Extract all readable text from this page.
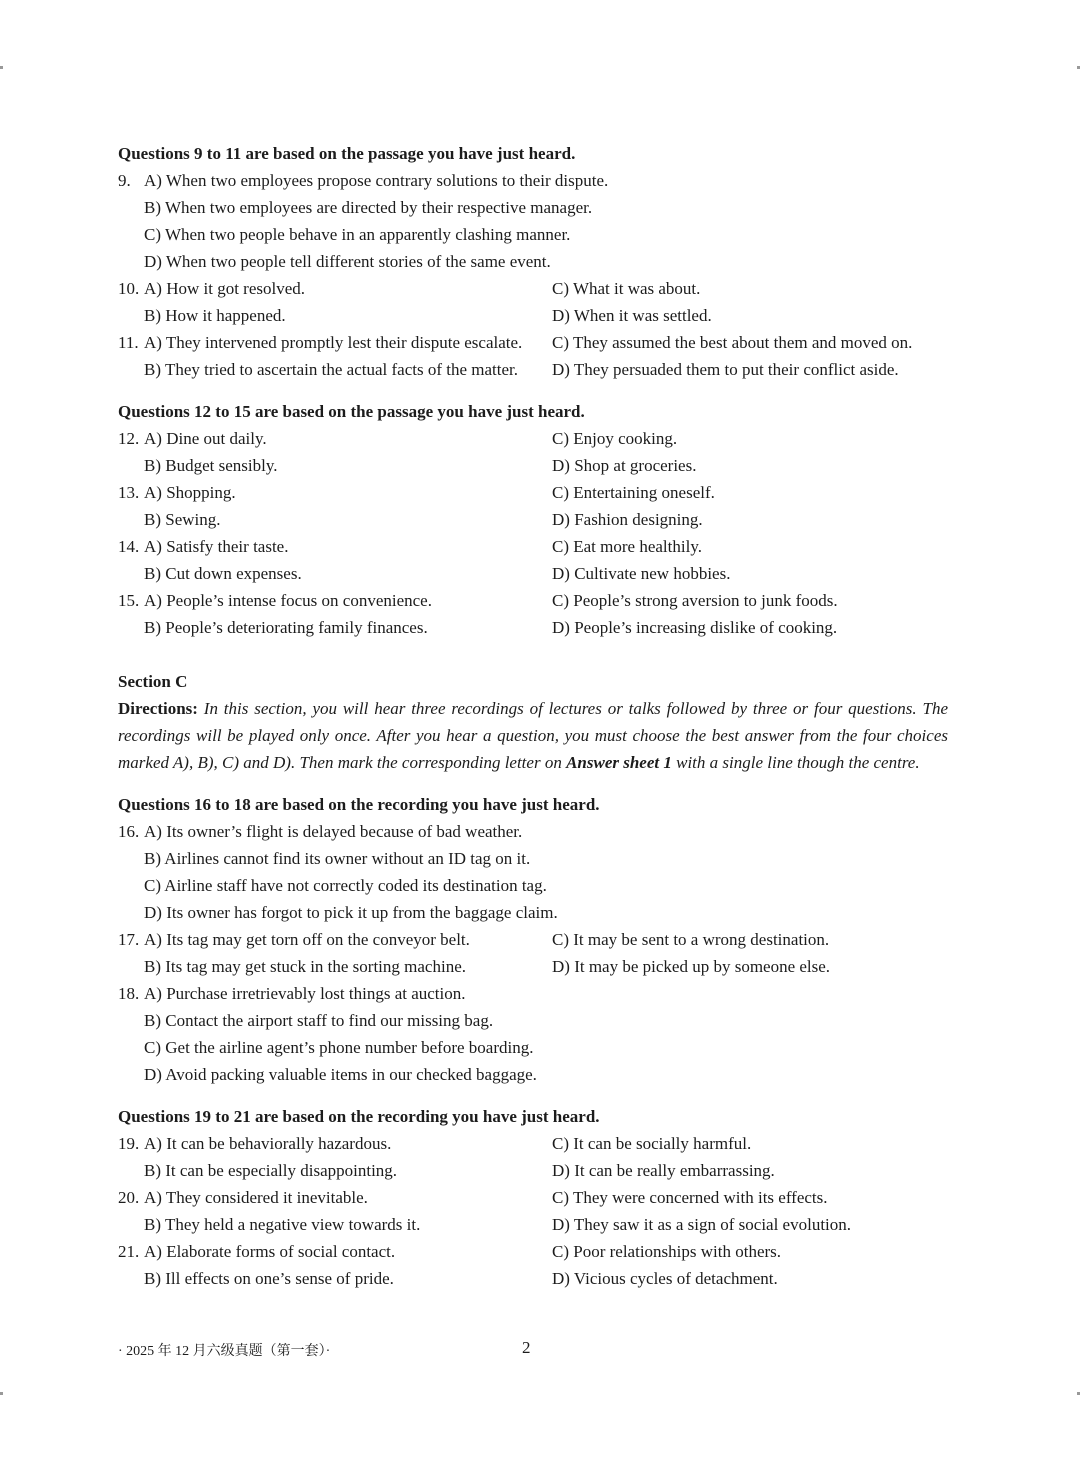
Questions 9 to 11 are based on the passage you have just heard.
9. A) When two employees propose contrary solutions to their dispute.
B) When two employees are directed by their respective manager.
C) When two people behave in an apparently clashing manner.
D) When two people tell different stories of the same event.
10. A) How it got resolved.	C) What it was about.
B) How it happened.	D) When it was settled.
11. A) They intervened promptly lest their dispute escalate. C) They assumed the best about them and moved on.
B) They tried to ascertain the actual facts of the matter. D) They persuaded them to put their conflict aside.
Questions 12 to 15 are based on the passage you have just heard.
12. A) Dine out daily.	C) Enjoy cooking.
B) Budget sensibly.	D) Shop at groceries.
13. A) Shopping.	C) Entertaining oneself.
B) Sewing.	D) Fashion designing.
14. A) Satisfy their taste.	C) Eat more healthily.
B) Cut down expenses.	D) Cultivate new hobbies.
15. A) People’s intense focus on convenience.	C) People’s strong aversion to junk foods.
B) People’s deteriorating family finances.	D) People’s increasing dislike of cooking.
Section C
Directions: In this section, you will hear three recordings of lectures or talks followed by three or four questions. The recordings will be played only once. After you hear a question, you must choose the best answer from the four choices marked A), B), C) and D). Then mark the corresponding letter on Answer sheet 1 with a single line though the centre.
Questions 16 to 18 are based on the recording you have just heard.
16. A) Its owner’s flight is delayed because of bad weather.
B) Airlines cannot find its owner without an ID tag on it.
C) Airline staff have not correctly coded its destination tag.
D) Its owner has forgot to pick it up from the baggage claim.
17. A) Its tag may get torn off on the conveyor belt.	C) It may be sent to a wrong destination.
B) Its tag may get stuck in the sorting machine.	D) It may be picked up by someone else.
18. A) Purchase irretrievably lost things at auction.
B) Contact the airport staff to find our missing bag.
C) Get the airline agent’s phone number before boarding.
D) Avoid packing valuable items in our checked baggage.
Questions 19 to 21 are based on the recording you have just heard.
19. A) It can be behaviorally hazardous.	C) It can be socially harmful.
B) It can be especially disappointing.	D) It can be really embarrassing.
20. A) They considered it inevitable.	C) They were concerned with its effects.
B) They held a negative view towards it.	D) They saw it as a sign of social evolution.
21. A) Elaborate forms of social contact.	C) Poor relationships with others.
B) Ill effects on one’s sense of pride.	D) Vicious cycles of detachment.
· 2025 年 12 月六级真题（第一套）·	2
